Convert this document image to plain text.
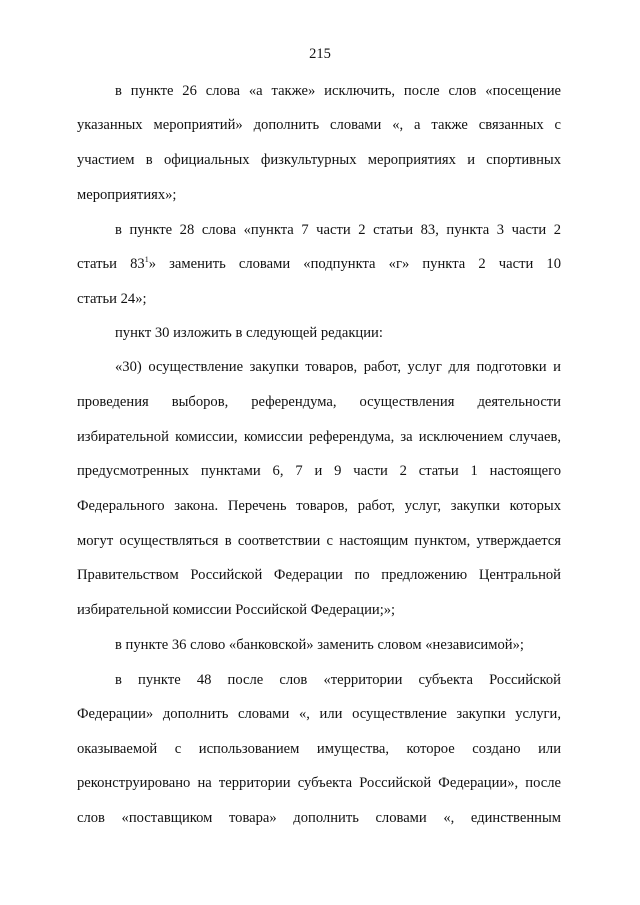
215
в пункте 26 слова «а также» исключить, после слов «посещение
указанных мероприятий» дополнить словами «, а также связанных с
участием в официальных физкультурных мероприятиях и спортивных
мероприятиях»;
в пункте 28 слова «пункта 7 части 2 статьи 83, пункта 3 части 2
статьи $83^1$» заменить словами «подпункта «г» пункта 2 части 10
статьи 24»;
пункт 30 изложить в следующей редакции:
«30) осуществление закупки товаров, работ, услуг для подготовки и
проведения выборов, референдума, осуществления деятельности
избирательной комиссии, комиссии референдума, за исключением случаев,
предусмотренных пунктами 6, 7 и 9 части 2 статьи 1 настоящего
Федерального закона. Перечень товаров, работ, услуг, закупки которых
могут осуществляться в соответствии с настоящим пунктом, утверждается
Правительством Российской Федерации по предложению Центральной
избирательной комиссии Российской Федерации;»;
в пункте 36 слово «банковской» заменить словом «независимой»;
в пункте 48 после слов «территории субъекта Российской
Федерации» дополнить словами «, или осуществление закупки услуги,
оказываемой с использованием имущества, которое создано или
реконструировано на территории субъекта Российской Федерации», после
слов «поставщиком товара» дополнить словами «, единственным
